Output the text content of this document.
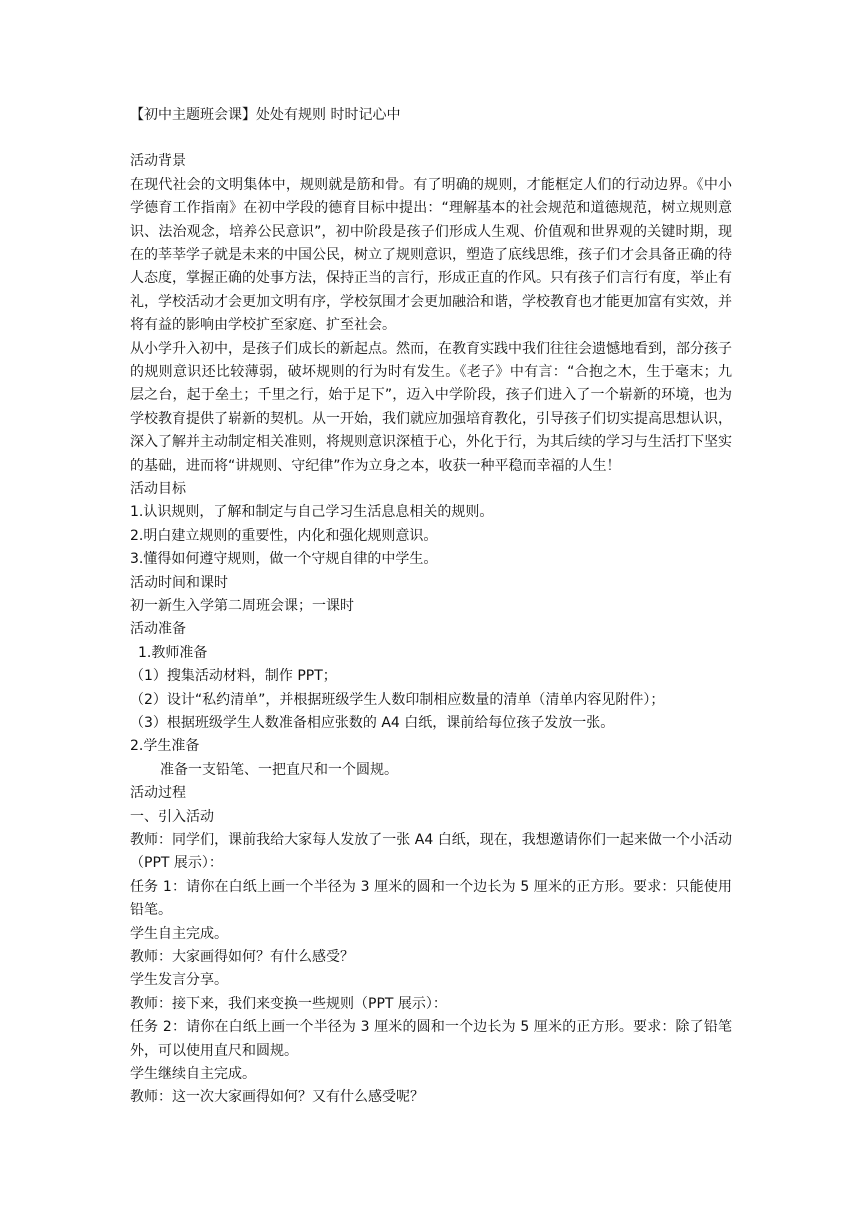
【初中主题班会课】处处有规则 时时记心中
活动背景
在现代社会的文明集体中，规则就是筋和骨。有了明确的规则，才能框定人们的行动边界。《中小学德育工作指南》在初中学段的德育目标中提出：“理解基本的社会规范和道德规范，树立规则意识、法治观念，培养公民意识”，初中阶段是孩子们形成人生观、价值观和世界观的关键时期，现在的莘莘学子就是未来的中国公民，树立了规则意识，塑造了底线思维，孩子们才会具备正确的待人态度，掌握正确的处事方法，保持正当的言行，形成正直的作风。只有孩子们言行有度，举止有礼，学校活动才会更加文明有序，学校氛围才会更加融洽和谐，学校教育也才能更加富有实效，并将有益的影响由学校扩至家庭、扩至社会。
从小学升入初中，是孩子们成长的新起点。然而，在教育实践中我们往往会遗憾地看到，部分孩子的规则意识还比较薄弱，破坏规则的行为时有发生。《老子》中有言：“合抱之木，生于毫末；九层之台，起于垒土；千里之行，始于足下”，迈入中学阶段，孩子们进入了一个崭新的环境，也为学校教育提供了崭新的契机。从一开始，我们就应加强培育教化，引导孩子们切实提高思想认识，深入了解并主动制定相关准则，将规则意识深植于心，外化于行，为其后续的学习与生活打下坚实的基础，进而将“讲规则、守纪律”作为立身之本，收获一种平稳而幸福的人生！
活动目标
1.认识规则，了解和制定与自己学习生活息息相关的规则。
2.明白建立规则的重要性，内化和强化规则意识。
3.懂得如何遵守规则，做一个守规自律的中学生。
活动时间和课时
初一新生入学第二周班会课；一课时
活动准备
1.教师准备
（1）搜集活动材料，制作 PPT；
（2）设计“私约清单”，并根据班级学生人数印制相应数量的清单（清单内容见附件）；
（3）根据班级学生人数准备相应张数的 A4 白纸，课前给每位孩子发放一张。
2.学生准备
准备一支铅笔、一把直尺和一个圆规。
活动过程
一、引入活动
教师：同学们，课前我给大家每人发放了一张 A4 白纸，现在，我想邀请你们一起来做一个小活动（PPT 展示）：
任务 1：请你在白纸上画一个半径为 3 厘米的圆和一个边长为 5 厘米的正方形。要求：只能使用铅笔。
学生自主完成。
教师：大家画得如何？有什么感受？
学生发言分享。
教师：接下来，我们来变换一些规则（PPT 展示）：
任务 2：请你在白纸上画一个半径为 3 厘米的圆和一个边长为 5 厘米的正方形。要求：除了铅笔外，可以使用直尺和圆规。
学生继续自主完成。
教师：这一次大家画得如何？又有什么感受呢？
